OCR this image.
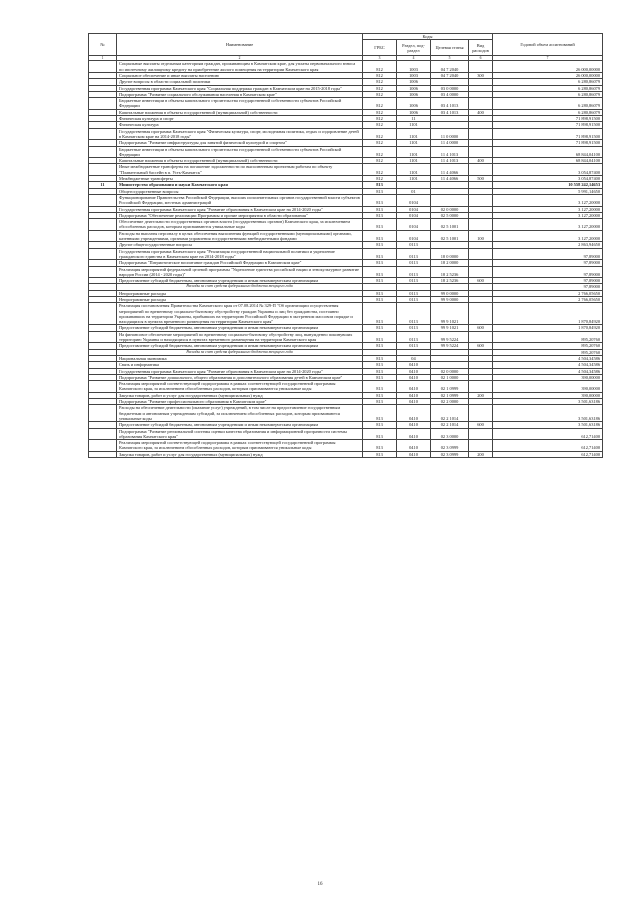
№	Наименование	Коды				Годовой объем ассигнований
		ГРБС	Раздел, под-раздел	Целевая статья	Вид расходов	
1	2	3	4	5	6	7
	Социальные выплаты отдельным категориям граждан, проживающим в Камчатском крае, для уплаты первоначального взноса по ипотечному жилищному кредиту на приобретение жилого помещения на территории Камчатского края	812	1003	04 7 2040		26 000,00000
	Социальное обеспечение и иные выплаты населению	812	1003	04 7 2040	300	26 000,00000
	Другие вопросы в области социальной политики	812	1006			6 280,86079
	Государственная программа Камчатского края "Социальная поддержка граждан в Камчатском крае на 2015-2018 годы"	812	1006	03 0 0000		6 280,86079
	Подпрограмма "Развитие социального обслуживания населения в Камчатском крае"	812	1006	03 4 0000		6 280,86079
	Бюджетные инвестиции в объекты капитального строительства государственной собственности субъектов Российской Федерации	812	1006	03 4 1013		6 280,86079
	Капитальные вложения в объекты государственной (муниципальной) собственности	812	1006	03 4 1013	400	6 280,86079
	Физическая культура и спорт	812	11			71 898,91500
	Физическая культура	812	1101			71 898,91500
	Государственная программа Камчатского края "Физическая культура, спорт, молодежная политика, отдых и оздоровление детей в Камчатском крае на 2014-2018 годы"	812	1101	11 0 0000		71 898,91500
	Подпрограмма "Развитие инфраструктуры для занятий физической культурой и спортом"	812	1101	11 4 0000		71 898,91500
	Бюджетные инвестиции в объекты капитального строительства государственной собственности субъектов Российской Федерации	812	1101	11 4 1013		68 844,04100
	Капитальные вложения в объекты государственной (муниципальной) собственности	812	1101	11 4 1013	400	68 844,04100
	Иные межбюджетные трансферты на погашение задолженности по выполненным проектным работам по объекту "Плавательный бассейн в п. Усть-Камчатск"	812	1101	11 4 4066		3 054,87400
	Межбюджетные трансферты	812	1101	11 4 4066	500	3 054,87400
11	Министерство образования и науки Камчатского края	813				10 558 242,14653
	Общегосударственные вопросы	813	01			5 991,14650
	Функционирование Правительства Российской Федерации, высших исполнительных органов государственной власти субъектов Российской Федерации, местных администраций	813	0104			3 127,20000
	Государственная программа Камчатского края "Развитие образования в Камчатском крае на 2014-2020 годы"	813	0104	02 0 0000		3 127,20000
	Подпрограмма "Обеспечение реализации Программы и прочие мероприятия в области образования"	813	0104	02 5 0000		3 127,20000
	Обеспечение деятельности государственных органов власти (государственных органов) Камчатского края, за исключением обособленных расходов, которым присваиваются уникальные коды	813	0104	02 5 1001		3 127,20000
	Расходы на выплаты персоналу в целях обеспечения выполнения функций государственными (муниципальными) органами, казенными учреждениями, органами управления государственными внебюджетными фондами	813	0104	02 5 1001	100	3 127,20000
	Другие общегосударственные вопросы	813	0113			2 863,94650
	Государственная программа Камчатского края "Реализация государственной национальной политики и укрепление гражданского единства в Камчатском крае на 2014-2018 годы"	813	0113	18 0 0000		97,89000
	Подпрограмма "Патриотическое воспитание граждан Российской Федерации в Камчатском крае"	813	0113	18 2 0000		97,89000
	Реализация мероприятий федеральной целевой программы "Укрепление единства российской нации и этнокультурное развитие народов России (2014 - 2020 годы)"	813	0113	18 2 5236		97,89000
	Предоставление субсидий бюджетным, автономным учреждениям и иным некоммерческим организациям	813	0113	18 2 5236	600	97,89000
	Расходы за счет средств федерального бюджета текущего года					97,89000
	Непрограммные расходы	813	0113	99 0 0000		2 766,05650
	Непрограммные расходы	813	0113	99 9 0000		2 766,05650
	Реализация постановления Правительства Камчатского края от 07.08.2014 № 329-П "Об организации осуществления мероприятий по временному социально-бытовому обустройству граждан Украины и лиц без гражданства, постоянно проживавших на территории Украины, прибывших на территорию Российской Федерации в экстренном массовом порядке и находящихся в пунктах временного размещения на территории Камчатского края"	813	0113	99 9 1021		1 870,84920
	Предоставление субсидий бюджетным, автономным учреждениям и иным некоммерческим организациям	813	0113	99 9 1021	600	1 870,84920
	На финансовое обеспечение мероприятий по временному социально-бытовому обустройству лиц, вынужденно покинувших территорию Украины и находящихся в пунктах временного размещения на территории Камчатского края	813	0113	99 9 5224		895,20760
	Предоставление субсидий бюджетным, автономным учреждениям и иным некоммерческим организациям	813	0113	99 9 5224	600	895,20760
	Расходы за счет средств федерального бюджета текущего года					895,20760
	Национальная экономика	813	04			4 504,34586
	Связь и информатика	813	0410			4 504,34586
	Государственная программа Камчатского края "Развитие образования в Камчатском крае на 2014-2020 годы"	813	0410	02 0 0000		4 504,34586
	Подпрограмма "Развитие дошкольного, общего образования и дополнительного образования детей в Камчатском крае"	813	0410	02 1 0000		390,00000
	Реализация мероприятий соответствующей подпрограммы в рамках соответствующей государственной программы Камчатского края, за исключением обособленных расходов, которым присваиваются уникальные коды	813	0410	02 1 0999		390,00000
	Закупка товаров, работ и услуг для государственных (муниципальных) нужд	813	0410	02 1 0999	200	390,00000
	Подпрограмма "Развитие профессионального образования в Камчатском крае"	813	0410	02 2 0000		3 501,63186
	Расходы на обеспечение деятельности (оказание услуг) учреждений, в том числе на предоставление государственным бюджетным и автономным учреждениям субсидий, за исключением обособленных расходов, которым присваиваются уникальные коды	813	0410	02 2 1014		3 501,63186
	Предоставление субсидий бюджетным, автономным учреждениям и иным некоммерческим организациям	813	0410	02 2 1014	600	3 501,63186
	Подпрограмма "Развитие региональной системы оценки качества образования и информационной прозрачности системы образования Камчатского края"	813	0410	02 3 0000		612,71400
	Реализация мероприятий соответствующей подпрограммы в рамках соответствующей государственной программы Камчатского края, за исключением обособленных расходов, которым присваиваются уникальные коды	813	0410	02 3 0999		612,71400
	Закупка товаров, работ и услуг для государственных (муниципальных) нужд	813	0410	02 3 0999	200	612,71400
16
